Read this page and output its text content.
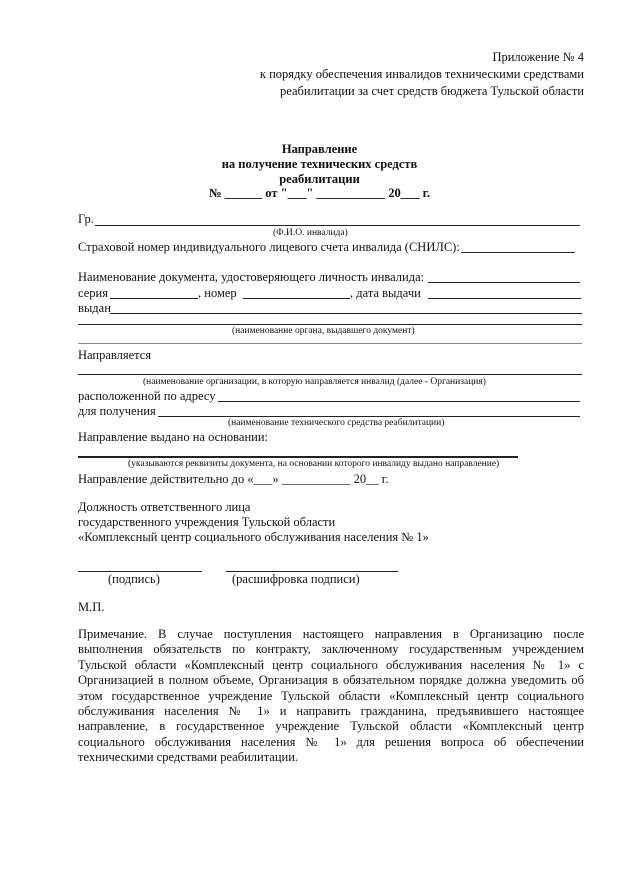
Приложение № 4
к порядку обеспечения инвалидов техническими средствами
реабилитации за счет средств бюджета Тульской области
Направление
на получение технических средств
реабилитации
№ ______ от "___" ___________ 20___ г.
Гр.
(Ф.И.О. инвалида)
Страховой номер индивидуального лицевого счета инвалида (СНИЛС):
Наименование документа, удостоверяющего личность инвалида:
серия	, номер	, дата выдачи
выдан
(наименование органа, выдавшего документ)
Направляется
(наименование организации, в которую направляется инвалид (далее - Организация)
расположенной по адресу
для получения
(наименование технического средства реабилитации)
Направление выдано на основании:
(указываются реквизиты документа, на основании которого инвалиду выдано направление)
Направление действительно до «___» ___________ 20__ г.
Должность ответственного лица
государственного учреждения Тульской области
«Комплексный центр социального обслуживания населения № 1»
(подпись)	(расшифровка подписи)
М.П.
Примечание. В случае поступления настоящего направления в Организацию после выполнения обязательств по контракту, заключенному государственным учреждением Тульской области «Комплексный центр социального обслуживания населения № 1» с Организацией в полном объеме, Организация в обязательном порядке должна уведомить об этом государственное учреждение Тульской области «Комплексный центр социального обслуживания населения № 1» и направить гражданина, предъявившего настоящее направление, в государственное учреждение Тульской области «Комплексный центр социального обслуживания населения № 1» для решения вопроса об обеспечении техническими средствами реабилитации.
